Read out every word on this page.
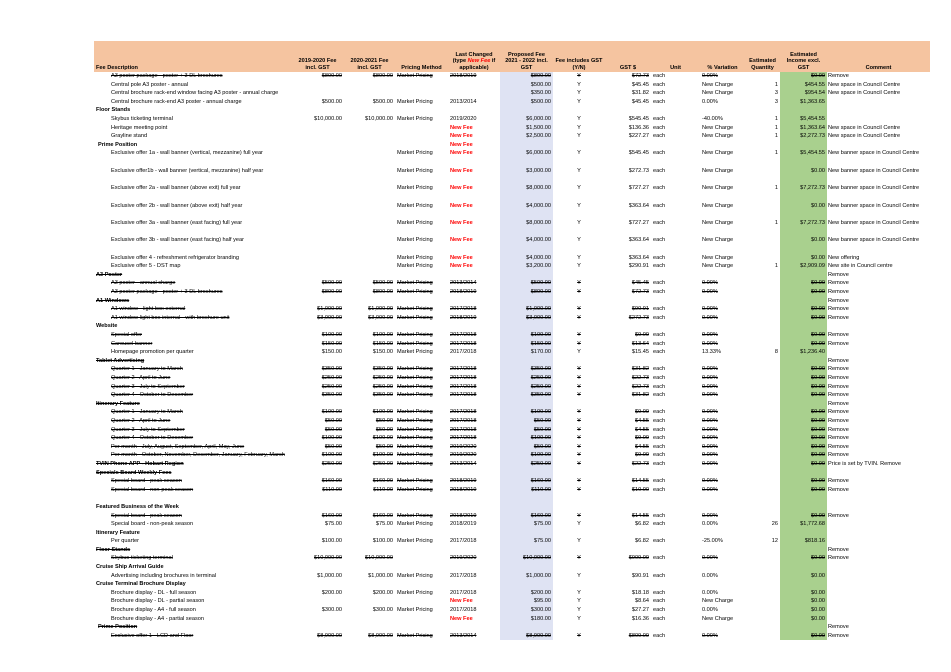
Fee Description	2019-2020 Fee incl. GST	2020-2021 Fee incl. GST	Pricing Method	Last Changed (type New Fee if applicable)	Proposed Fee 2021 - 2022 incl. GST	Fee includes GST (Y/N)	GST $	Unit	% Variation	Estimated Quantity	Estimated Income excl. GST	Comment
A3 poster package - poster + 3 DL brochures	$800.00	$800.00	Market Pricing	2018/2019	$800.00	Y	$72.73	each	0.00%		$0.00	Remove
Central pole A3 poster - annual					$500.00	Y	$45.45	each	New Charge	1	$454.55	New space in Council Centre
Central brochure rack-end window facing A3 poster - annual charge					$350.00	Y	$31.82	each	New Charge	3	$954.54	New space in Council Centre
Central brochure rack-end A3 poster - annual charge	$500.00	$500.00	Market Pricing	2013/2014	$500.00	Y	$45.45	each	0.00%	3	$1,363.65	
Floor Stands												
Skybus ticketing terminal	$10,000.00	$10,000.00	Market Pricing	2019/2020	$6,000.00	Y	$545.45	each	-40.00%	1	$5,454.55	
Heritage meeting point				New Fee	$1,500.00	Y	$136.36	each	New Charge	1	$1,363.64	New space in Council Centre
Grayline stand				New Fee	$2,500.00	Y	$227.27	each	New Charge	1	$2,272.73	New space in Council Centre
Prime Position				New Fee								
Exclusive offer 1a - wall banner (vertical, mezzanine) full year			Market Pricing	New Fee	$6,000.00	Y	$545.45	each	New Charge	1	$5,454.55	New banner space in Council Centre
Exclusive offer1b - wall banner (vertical, mezzanine) half year			Market Pricing	New Fee	$3,000.00	Y	$272.73	each	New Charge		$0.00	New banner space in Council Centre
Exclusive offer 2a - wall banner (above exit) full year			Market Pricing	New Fee	$8,000.00	Y	$727.27	each	New Charge	1	$7,272.73	New banner space in Council Centre
Exclusive offer 2b - wall banner (above exit) half year			Market Pricing	New Fee	$4,000.00	Y	$363.64	each	New Charge		$0.00	New banner space in Council Centre
Exclusive offer 3a - wall banner (east facing) full year			Market Pricing	New Fee	$8,000.00	Y	$727.27	each	New Charge	1	$7,272.73	New banner space in Council Centre
Exclusive offer 3b - wall banner (east facing) half year			Market Pricing	New Fee	$4,000.00	Y	$363.64	each	New Charge		$0.00	New banner space in Council Centre
Exclusive offer 4 - refreshment refrigerator branding			Market Pricing	New Fee	$4,000.00	Y	$363.64	each	New Charge		$0.00	New offering
Exclusive offer 5 - DST map			Market Pricing	New Fee	$3,200.00	Y	$290.91	each	New Charge	1	$2,909.09	New site in Council centre
A3 Poster												Remove
A3 poster - annual charge	$500.00	$500.00	Market Pricing	2013/2014	$500.00	Y	$45.45	each	0.00%		$0.00	Remove
A3 poster package - poster + 3 DL brochures	$800.00	$800.00	Market Pricing	2018/2019	$800.00	Y	$72.73	each	0.00%		$0.00	Remove
A1 Windows												Remove
A1 window - light box external	$1,000.00	$1,000.00	Market Pricing	2017/2018	$1,000.00	Y	$90.91	each	0.00%		$0.00	Remove
A1 window light box internal - with brochure unit	$3,000.00	$3,000.00	Market Pricing	2018/2019	$3,000.00	Y	$272.73	each	0.00%		$0.00	Remove
Website												
Special offer	$100.00	$100.00	Market Pricing	2017/2018	$100.00	Y	$9.09	each	0.00%		$0.00	Remove
Carousel banner	$150.00	$150.00	Market Pricing	2017/2018	$150.00	Y	$13.64	each	0.00%		$0.00	Remove
Homepage promotion per quarter	$150.00	$150.00	Market Pricing	2017/2018	$170.00	Y	$15.45	each	13.33%	8	$1,236.40	
Tablet Advertising												Remove
Quarter 1 - January to March	$350.00	$350.00	Market Pricing	2017/2018	$350.00	Y	$31.82	each	0.00%		$0.00	Remove
Quarter 2 - April to June	$250.00	$250.00	Market Pricing	2017/2018	$250.00	Y	$22.73	each	0.00%		$0.00	Remove
Quarter 3 - July to September	$250.00	$250.00	Market Pricing	2017/2018	$250.00	Y	$22.73	each	0.00%		$0.00	Remove
Quarter 4 - October to December	$350.00	$350.00	Market Pricing	2017/2018	$350.00	Y	$31.82	each	0.00%		$0.00	Remove
Itinerary Feature												Remove
Quarter 1 - January to March	$100.00	$100.00	Market Pricing	2017/2018	$100.00	Y	$9.09	each	0.00%		$0.00	Remove
Quarter 2 - April to June	$50.00	$50.00	Market Pricing	2017/2018	$50.00	Y	$4.55	each	0.00%		$0.00	Remove
Quarter 3 - July to September	$50.00	$50.00	Market Pricing	2017/2018	$50.00	Y	$4.55	each	0.00%		$0.00	Remove
Quarter 4 - October to December	$100.00	$100.00	Market Pricing	2017/2018	$100.00	Y	$9.09	each	0.00%		$0.00	Remove
Per month - July, August, September, April, May, June	$50.00	$50.00	Market Pricing	2019/2020	$50.00	Y	$4.55	each	0.00%		$0.00	Remove
Per month - October, November, December, January, February, March	$100.00	$100.00	Market Pricing	2019/2020	$100.00	Y	$9.09	each	0.00%		$0.00	Remove
TVIN Phone APP - Hobart Region	$250.00	$250.00	Market Pricing	2013/2014	$250.00	Y	$22.73	each	0.00%		$0.00	Price is set by TVIN. Remove
Specials Board Weekly Fees												
Special board - peak season	$160.00	$160.00	Market Pricing	2018/2019	$160.00	Y	$14.55	each	0.00%		$0.00	Remove
Special board - non-peak season	$110.00	$110.00	Market Pricing	2018/2019	$110.00	Y	$10.00	each	0.00%		$0.00	Remove

Featured Business of the Week												
Special board - peak season	$160.00	$160.00	Market Pricing	2018/2019	$160.00	Y	$14.55	each	0.00%		$0.00	Remove
Special board - non-peak season	$75.00	$75.00	Market Pricing	2018/2019	$75.00	Y	$6.82	each	0.00%	26	$1,772.68	
Itinerary Feature												
Per quarter	$100.00	$100.00	Market Pricing	2017/2018	$75.00	Y	$6.82	each	-25.00%	12	$818.16	
Floor Stands												Remove
Skybus ticketing terminal	$10,000.00	$10,000.00		2019/2020	$10,000.00	Y	$909.09	each	0.00%		$0.00	Remove
Cruise Ship Arrival Guide												
Advertising including brochures in terminal	$1,000.00	$1,000.00	Market Pricing	2017/2018	$1,000.00	Y	$90.91	each	0.00%		$0.00	
Cruise Terminal Brochure Display												
Brochure display - DL - full season	$200.00	$200.00	Market Pricing	2017/2018	$200.00	Y	$18.18	each	0.00%		$0.00	
Brochure display - DL - partial season				New Fee	$95.00	Y	$8.64	each	New Charge		$0.00	
Brochure display - A4 - full season	$300.00	$300.00	Market Pricing	2017/2018	$300.00	Y	$27.27	each	0.00%		$0.00	
Brochure display - A4 - partial season				New Fee	$180.00	Y	$16.36	each	New Charge		$0.00	
Prime Position												Remove
Exclusive offer 1 - LCD and Floor	$8,900.00	$8,900.00	Market Pricing	2013/2014	$8,900.00	Y	$809.09	each	0.00%		$0.00	Remove
